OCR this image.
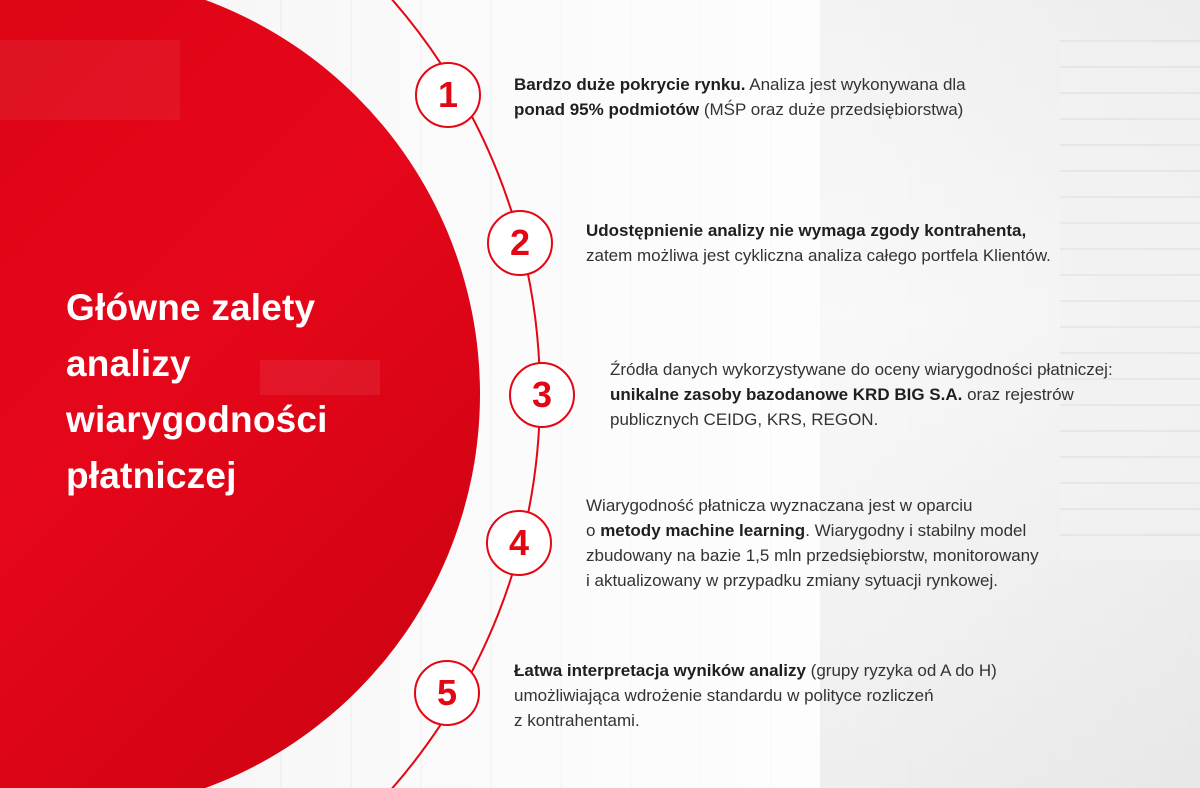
Główne zalety
analizy
wiarygodności
płatniczej
1
2
3
4
5
Bardzo duże pokrycie rynku. Analiza jest wykonywana dla
ponad 95% podmiotów (MŚP oraz duże przedsiębiorstwa)
Udostępnienie analizy nie wymaga zgody kontrahenta,
zatem możliwa jest cykliczna analiza całego portfela Klientów.
Źródła danych wykorzystywane do oceny wiarygodności płatniczej:
unikalne zasoby bazodanowe KRD BIG S.A. oraz rejestrów
publicznych CEIDG, KRS, REGON.
Wiarygodność płatnicza wyznaczana jest w oparciu
o metody machine learning. Wiarygodny i stabilny model
zbudowany na bazie 1,5 mln przedsiębiorstw, monitorowany
i aktualizowany w przypadku zmiany sytuacji rynkowej.
Łatwa interpretacja wyników analizy (grupy ryzyka od A do H)
umożliwiająca wdrożenie standardu w polityce rozliczeń
z kontrahentami.
